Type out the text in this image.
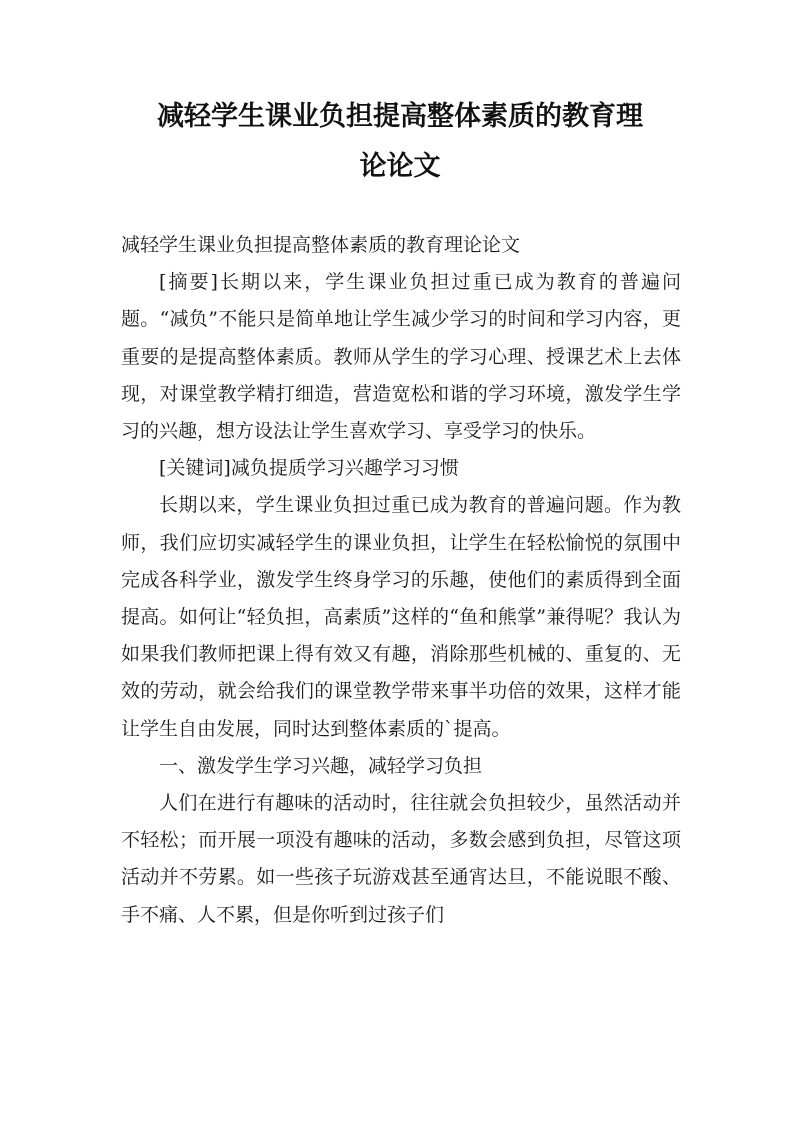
减轻学生课业负担提高整体素质的教育理
论论文

减轻学生课业负担提高整体素质的教育理论论文

[摘要]长期以来，学生课业负担过重已成为教育的普遍问题。“减负”不能只是简单地让学生减少学习的时间和学习内容，更重要的是提高整体素质。教师从学生的学习心理、授课艺术上去体现，对课堂教学精打细造，营造宽松和谐的学习环境，激发学生学习的兴趣，想方设法让学生喜欢学习、享受学习的快乐。

[关键词]减负提质学习兴趣学习习惯

长期以来，学生课业负担过重已成为教育的普遍问题。作为教师，我们应切实减轻学生的课业负担，让学生在轻松愉悦的氛围中完成各科学业，激发学生终身学习的乐趣，使他们的素质得到全面提高。如何让“轻负担，高素质”这样的“鱼和熊掌”兼得呢？我认为如果我们教师把课上得有效又有趣，消除那些机械的、重复的、无效的劳动，就会给我们的课堂教学带来事半功倍的效果，这样才能让学生自由发展，同时达到整体素质的`提高。

一、激发学生学习兴趣，减轻学习负担

人们在进行有趣味的活动时，往往就会负担较少，虽然活动并不轻松；而开展一项没有趣味的活动，多数会感到负担，尽管这项活动并不劳累。如一些孩子玩游戏甚至通宵达旦，不能说眼不酸、手不痛、人不累，但是你听到过孩子们
